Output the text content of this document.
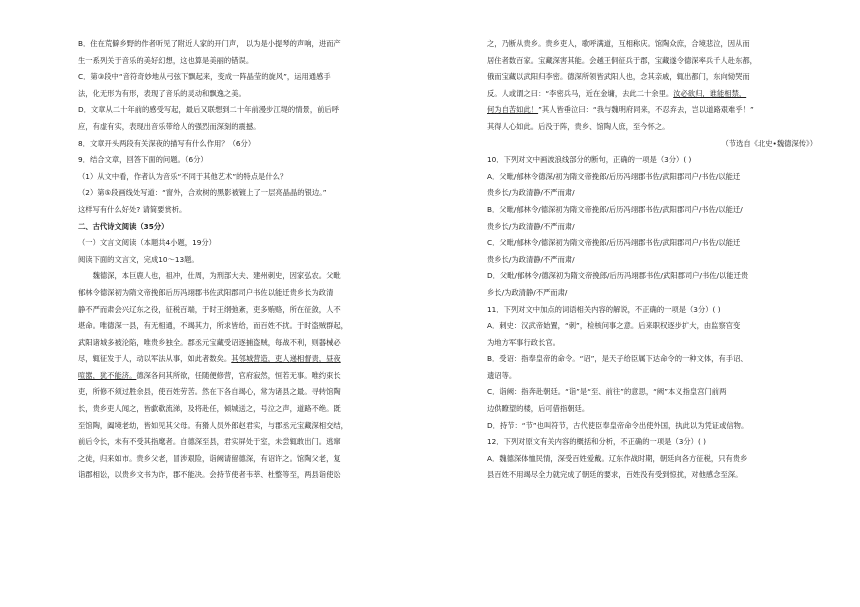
B．住在荒僻乡野的作者听见了附近人家的开门声， 以为是小提琴的声响，进而产

生一系列关于音乐的美好幻想，这也算是美丽的错误。

C．第③段中“音符奇妙地从弓弦下飘起来，变成一阵晶莹的旋风”，运用通感手

法，化无形为有形，表现了音乐的灵动和飘逸之美。

D．文章从二十年前的感受写起，最后又联想到二十年前漫步江堤的情景，前后呼

应，有虚有实，表现出音乐带给人的强烈而深刻的震撼。

8．文章开头两段有关深夜的描写有什么作用？（6分）

9．结合文章，回答下面的问题。（6分）

（1）从文中看，作者认为音乐“不同于其他艺术”的特点是什么？

（2）第⑤段画线处写道：“窗外，合欢树的黑影被镀上了一层亮晶晶的银边。”

这样写有什么好处? 请简要赏析。

二、古代诗文阅读（35分）

（一）文言文阅读（本题共4小题，19分）

阅读下面的文言文，完成10～13题。

魏德深，本巨鹿人也，祖冲，仕周，为刑部大夫、建州刺史，因家弘农。父毗

郁林令德深初为隋文帝挽郎后历冯翊郡书佐武阳郡司户书佐以能迁贵乡长为政清

静不严而肃会兴辽东之役，征税百端，于时王纲弛紊，吏多贿赂，所在征敛，人不

堪命。唯德深一县，有无相通，不竭其力，所求皆给，而百姓不扰。于时盗贼群起，

武阳诸城多被沦陷，唯贵乡独全。郡丞元宝藏受诏逐捕盗贼，每战不利，则器械必

尽，辄征发于人，动以军法从事，如此者数矣。其邻城营造，吏人递相督责，昼夜

喧嚣，犹不能济。德深各问其所欲，任随便修营，官府寂然，恒若无事。唯约束长

吏，所修不须过胜余县，使百姓劳苦。然在下各自竭心，常为诸县之最。寻转馆陶

长，贵乡吏人闻之，皆歔欷流涕，及将赴任，倾城送之，号泣之声，道路不绝。既

至馆陶，阖境老幼，皆如见其父母。有猾人员外郎赵君实，与郡丞元宝藏深相交结，

前后令长，未有不受其指麾者。自德深至县，君实屏处于室，未尝辄敢出门。逃窜

之徒，归来如市。贵乡父老，冒涉艰险，诣阙请留德深，有诏许之。馆陶父老，复

诣郡相讼，以贵乡文书为诈，郡不能决。会持节使者韦莘、杜整等至，两县诣使讼

之，乃断从贵乡。贵乡吏人，歌呼满道，互相称庆。馆陶众庶，合境悲泣，因从而

居住者数百家。宝藏深害其能。会越王侗征兵于郡，宝藏遂令德深率兵千人赴东都，

俄而宝藏以武阳归李密。德深所领皆武阳人也，念其亲戚，辄出都门，东向恸哭而

反。人或谓之曰：“李密兵马，近在金墉，去此二十余里。汝必欲归，谁能相禁，

何为自苦如此！”其人皆垂泣曰：“我与魏明府同来，不忍弃去，岂以道路艰难乎！”

其得人心如此。后没于阵，贵乡、馆陶人庶，至今怀之。

（节选自《北史•魏德深传》）

10．下列对文中画波浪线部分的断句，正确的一项是（3分）( )

A．父毗/郁林令德深/初为隋文帝挽郎/后历冯翊郡书佐/武阳郡司户/书佐/以能迁

贵乡长/为政清静/不严而肃/

B．父毗/郁林令/德深初为隋文帝挽郎/后历冯翊郡书佐/武阳郡司户/书佐/以能迁/

贵乡长/为政清静/不严而肃/

C．父毗/郁林令/德深初为隋文帝挽郎/后历冯翊郡书佐/武阳郡司户/书佐/以能迁

贵乡长/为政清静/不严而肃/

D．父毗/郁林令/德深初为隋文帝挽郎/后历冯翊郡书佐/武阳郡司户/书佐/以能迁贵

乡长/为政清静/不严而肃/

11．下列对文中加点的词语相关内容的解说，不正确的一项是（3分）( )

A．刺史：汉武帝始置，“刺”，检核问事之意。后来职权逐步扩大，由监察官变

为地方军事行政长官。

B．受诏：指奉皇帝的命令。“诏”，是天子给臣属下达命令的一种文体，有手诏、

遗诏等。

C．诣阙：指奔赴朝廷。“诣”是“至、前往”的意思，“阙”本义指皇宫门前两

边供瞭望的楼，后可借指朝廷。

D．持节：“节”也叫符节，古代使臣奉皇帝命令出使外国，执此以为凭证或信物。

12．下列对原文有关内容的概括和分析，不正确的一项是（3分）( )

A．魏德深体恤民情，深受百姓爱戴。辽东作战时期，朝廷向各方征税，只有贵乡

县百姓不用竭尽全力就完成了朝廷的要求，百姓没有受到惊扰，对他感念至深。
